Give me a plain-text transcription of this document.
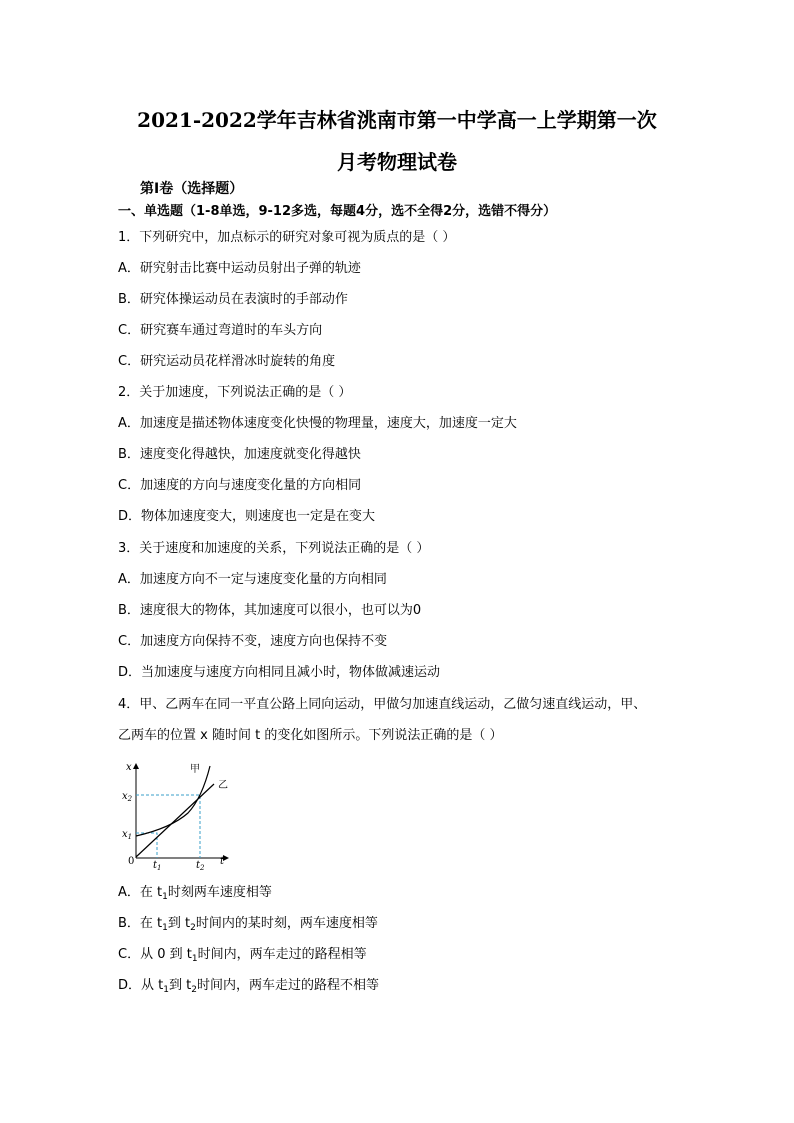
2021-2022学年吉林省洮南市第一中学高一上学期第一次
月考物理试卷
第Ⅰ卷（选择题）
一、单选题（1-8单选，9-12多选，每题4分，选不全得2分，选错不得分）
1．下列研究中，加点标示的研究对象可视为质点的是（ ）
A．研究射击比赛中运动员射出子弹的轨迹
B．研究体操运动员在表演时的手部动作
C．研究赛车通过弯道时的车头方向
C．研究运动员花样滑冰时旋转的角度
2．关于加速度，下列说法正确的是（ ）
A．加速度是描述物体速度变化快慢的物理量，速度大，加速度一定大
B．速度变化得越快，加速度就变化得越快
C．加速度的方向与速度变化量的方向相同
D．物体加速度变大，则速度也一定是在变大
3．关于速度和加速度的关系，下列说法正确的是（ ）
A．加速度方向不一定与速度变化量的方向相同
B．速度很大的物体，其加速度可以很小，也可以为0
C．加速度方向保持不变，速度方向也保持不变
D．当加速度与速度方向相同且减小时，物体做减速运动
4．甲、乙两车在同一平直公路上同向运动，甲做匀加速直线运动，乙做匀速直线运动，甲、
乙两车的位置 x 随时间 t 的变化如图所示。下列说法正确的是（ ）
x
t
0
$x_1$
$x_2$
$t_1$	$t_2$
甲
乙
A．在 $t_1$时刻两车速度相等
B．在 $t_1$到 $t_2$时间内的某时刻，两车速度相等
C．从 0 到 $t_1$时间内，两车走过的路程相等
D．从 $t_1$到 $t_2$时间内，两车走过的路程不相等
